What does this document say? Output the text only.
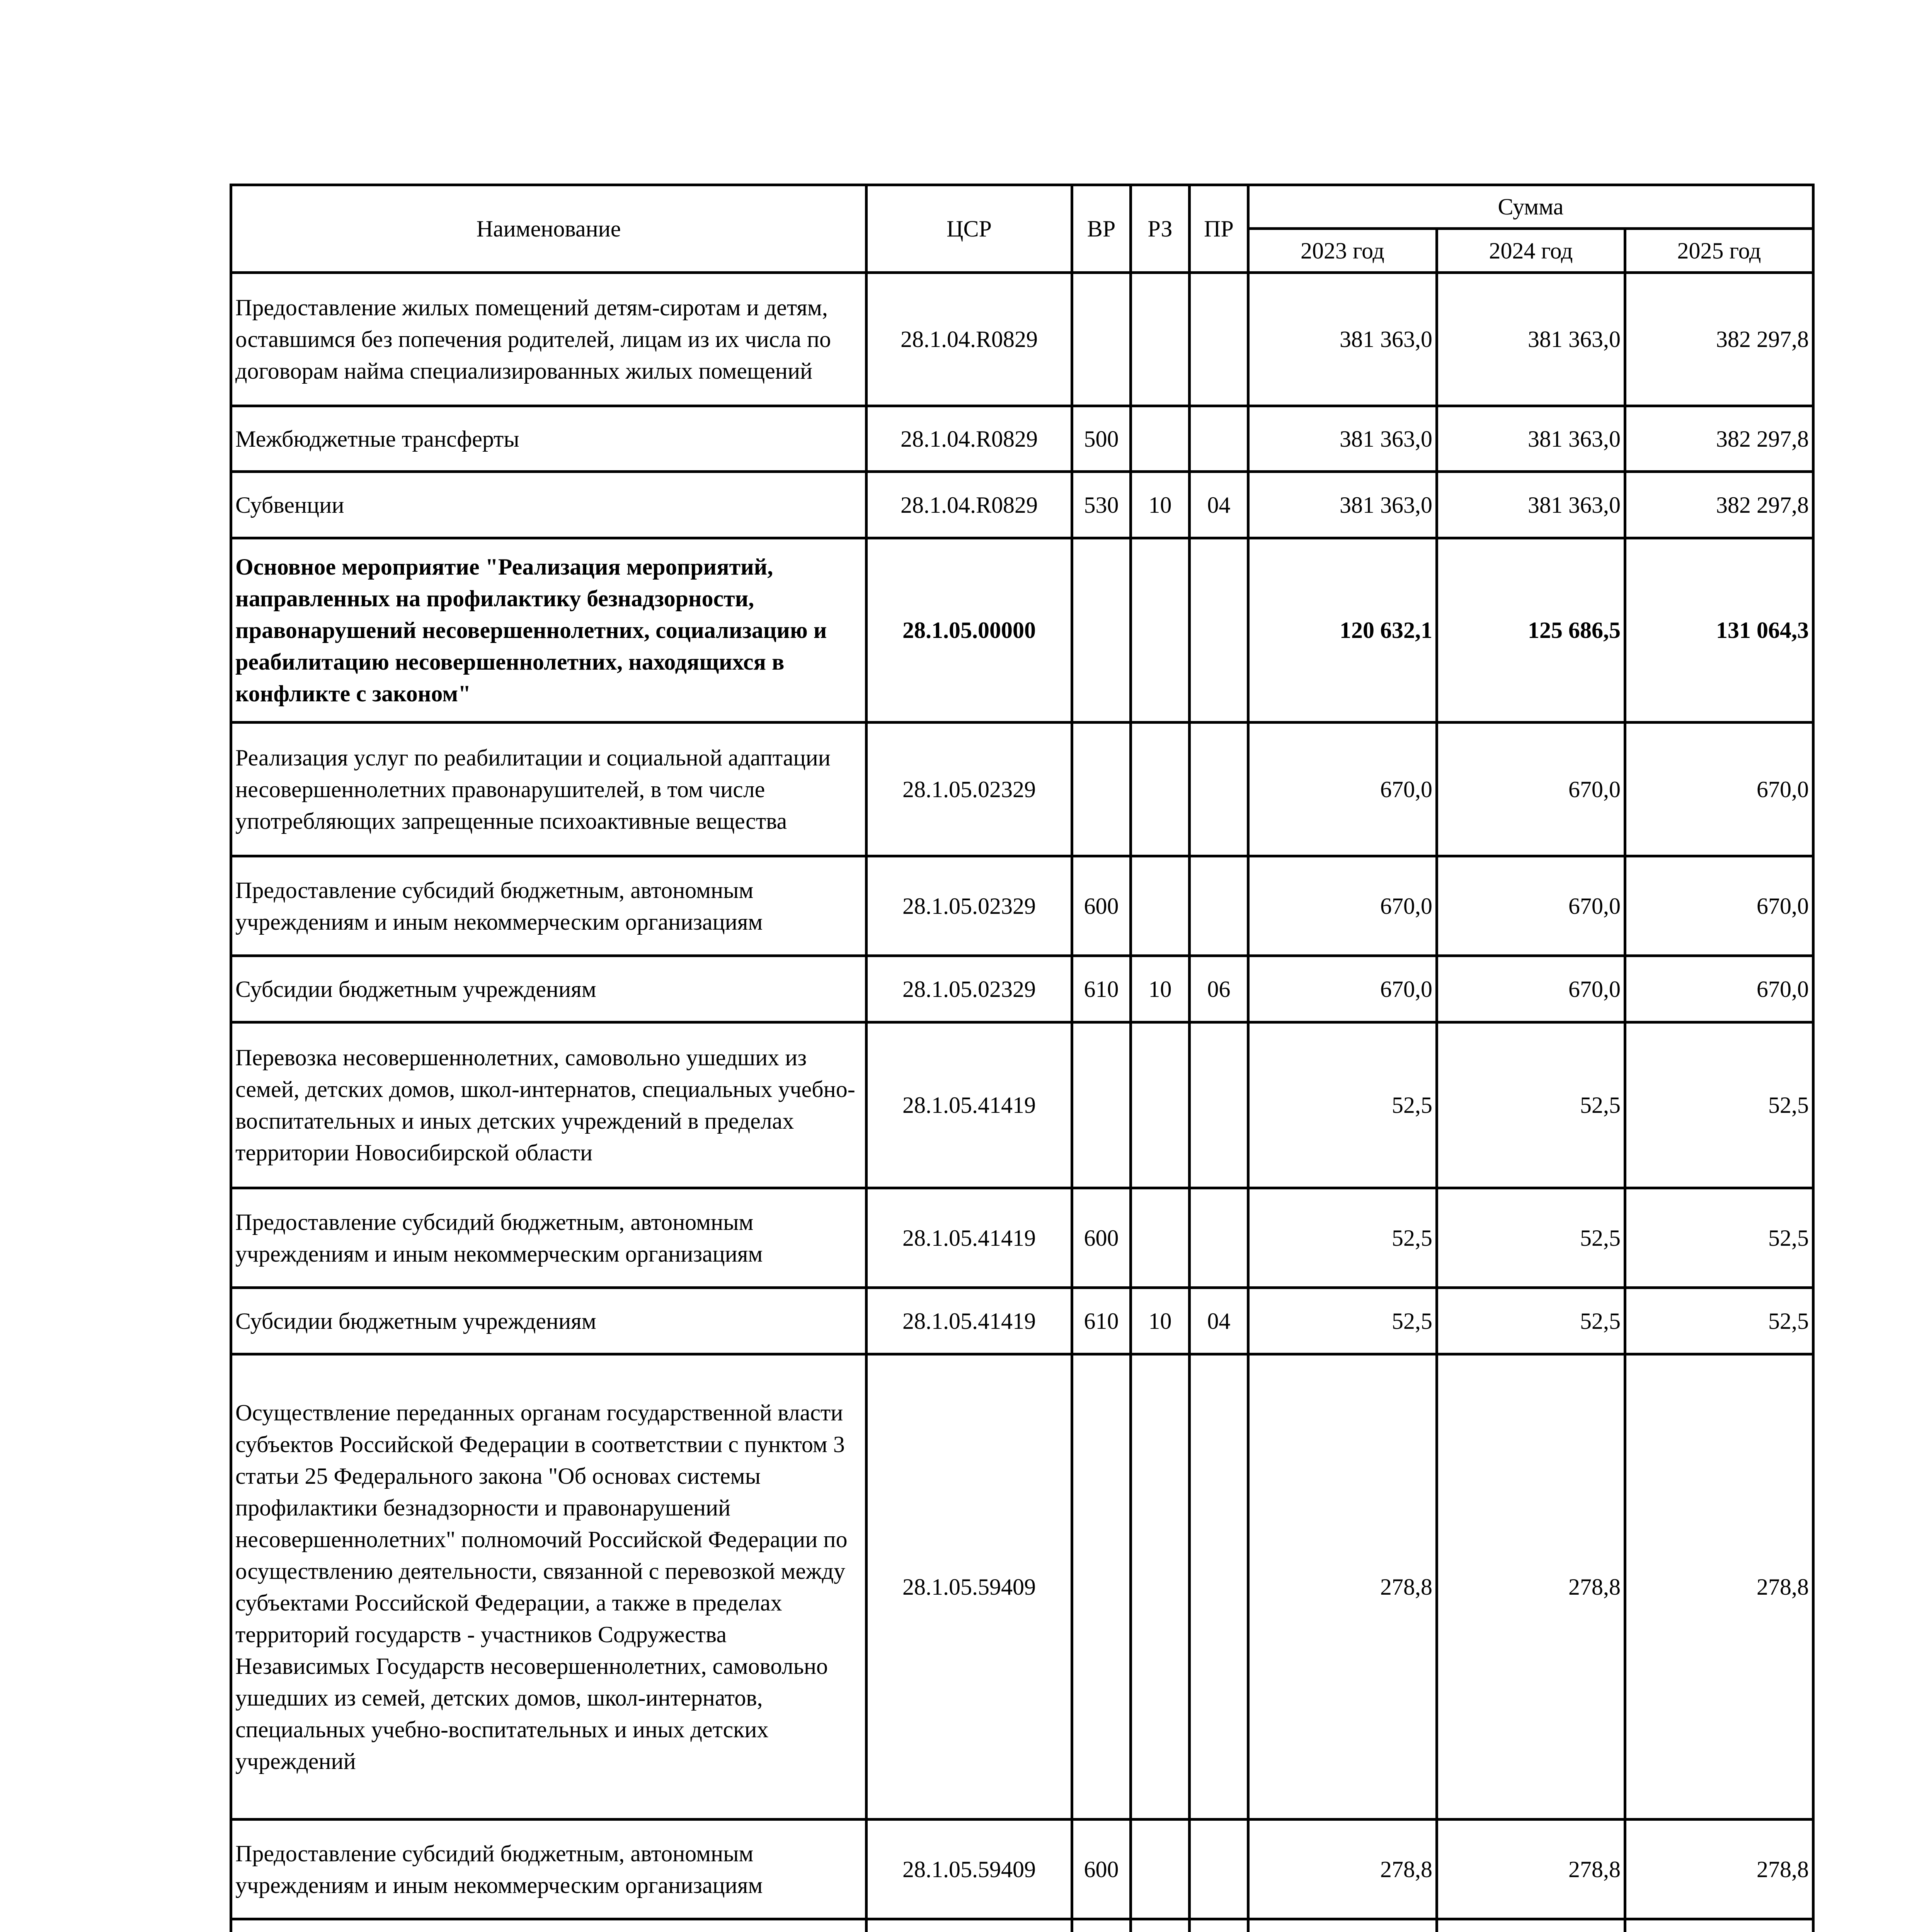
Наименование	ЦСР	ВР	РЗ	ПР	Сумма		
					2023 год	2024 год	2025 год
Предоставление жилых помещений детям-сиротам и детям, оставшимся без попечения родителей, лицам из их числа по договорам найма специализированных жилых помещений	28.1.04.R0829				381 363,0	381 363,0	382 297,8
Межбюджетные трансферты	28.1.04.R0829	500			381 363,0	381 363,0	382 297,8
Субвенции	28.1.04.R0829	530	10	04	381 363,0	381 363,0	382 297,8
Основное мероприятие "Реализация мероприятий, направленных на профилактику безнадзорности, правонарушений несовершеннолетних, социализацию и реабилитацию несовершеннолетних, находящихся в конфликте с законом"	28.1.05.00000				120 632,1	125 686,5	131 064,3
Реализация услуг по реабилитации и социальной адаптации несовершеннолетних правонарушителей, в том числе употребляющих запрещенные психоактивные вещества	28.1.05.02329				670,0	670,0	670,0
Предоставление субсидий бюджетным, автономным учреждениям и иным некоммерческим организациям	28.1.05.02329	600			670,0	670,0	670,0
Субсидии бюджетным учреждениям	28.1.05.02329	610	10	06	670,0	670,0	670,0
Перевозка несовершеннолетних, самовольно ушедших из семей, детских домов, школ-интернатов, специальных учебно-воспитательных и иных детских учреждений в пределах территории Новосибирской области	28.1.05.41419				52,5	52,5	52,5
Предоставление субсидий бюджетным, автономным учреждениям и иным некоммерческим организациям	28.1.05.41419	600			52,5	52,5	52,5
Субсидии бюджетным учреждениям	28.1.05.41419	610	10	04	52,5	52,5	52,5
Осуществление переданных органам государственной власти субъектов Российской Федерации в соответствии с пунктом 3 статьи 25 Федерального закона "Об основах системы профилактики безнадзорности и правонарушений несовершеннолетних" полномочий Российской Федерации по осуществлению деятельности, связанной с перевозкой между субъектами Российской Федерации, а также в пределах территорий государств - участников Содружества Независимых Государств несовершеннолетних, самовольно ушедших из семей, детских домов, школ-интернатов, специальных учебно-воспитательных и иных детских учреждений	28.1.05.59409				278,8	278,8	278,8
Предоставление субсидий бюджетным, автономным учреждениям и иным некоммерческим организациям	28.1.05.59409	600			278,8	278,8	278,8
